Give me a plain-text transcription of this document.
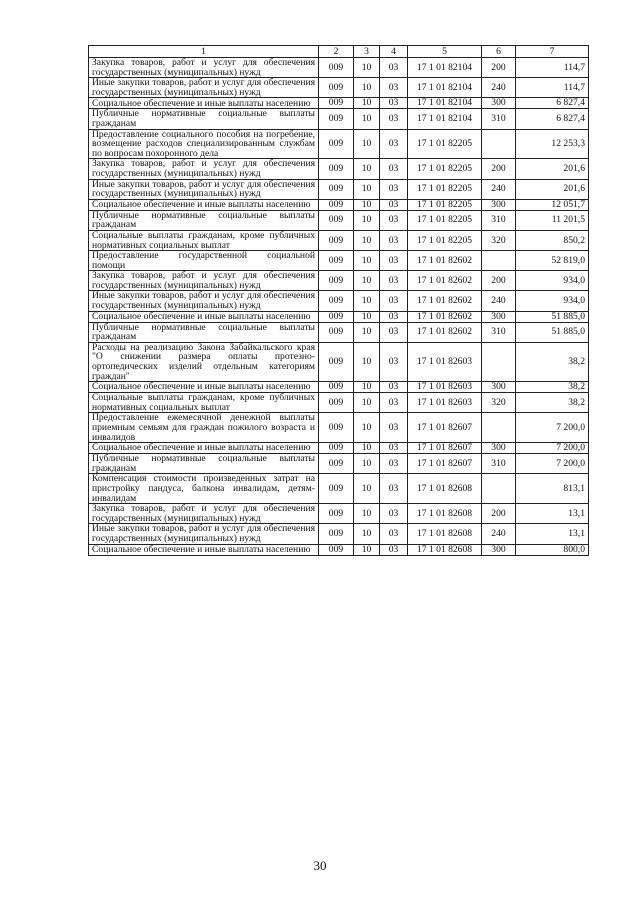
1	2	3	4	5	6	7
Закупка товаров, работ и услуг для обеспечения государственных (муниципальных) нужд	009	10	03	17 1 01 82104	200	114,7
Иные закупки товаров, работ и услуг для обеспечения государственных (муниципальных) нужд	009	10	03	17 1 01 82104	240	114,7
Социальное обеспечение и иные выплаты населению	009	10	03	17 1 01 82104	300	6 827,4
Публичные нормативные социальные выплаты гражданам	009	10	03	17 1 01 82104	310	6 827,4
Предоставление социального пособия на погребение, возмещение расходов специализированным службам по вопросам похоронного дела	009	10	03	17 1 01 82205		12 253,3
Закупка товаров, работ и услуг для обеспечения государственных (муниципальных) нужд	009	10	03	17 1 01 82205	200	201,6
Иные закупки товаров, работ и услуг для обеспечения государственных (муниципальных) нужд	009	10	03	17 1 01 82205	240	201,6
Социальное обеспечение и иные выплаты населению	009	10	03	17 1 01 82205	300	12 051,7
Публичные нормативные социальные выплаты гражданам	009	10	03	17 1 01 82205	310	11 201,5
Социальные выплаты гражданам, кроме публичных нормативных социальных выплат	009	10	03	17 1 01 82205	320	850,2
Предоставление государственной социальной помощи	009	10	03	17 1 01 82602		52 819,0
Закупка товаров, работ и услуг для обеспечения государственных (муниципальных) нужд	009	10	03	17 1 01 82602	200	934,0
Иные закупки товаров, работ и услуг для обеспечения государственных (муниципальных) нужд	009	10	03	17 1 01 82602	240	934,0
Социальное обеспечение и иные выплаты населению	009	10	03	17 1 01 82602	300	51 885,0
Публичные нормативные социальные выплаты гражданам	009	10	03	17 1 01 82602	310	51 885,0
Расходы на реализацию Закона Забайкальского края "О снижении размера оплаты протезно-ортопедических изделий отдельным категориям граждан"	009	10	03	17 1 01 82603		38,2
Социальное обеспечение и иные выплаты населению	009	10	03	17 1 01 82603	300	38,2
Социальные выплаты гражданам, кроме публичных нормативных социальных выплат	009	10	03	17 1 01 82603	320	38,2
Предоставление ежемесячной денежной выплаты приемным семьям для граждан пожилого возраста и инвалидов	009	10	03	17 1 01 82607		7 200,0
Социальное обеспечение и иные выплаты населению	009	10	03	17 1 01 82607	300	7 200,0
Публичные нормативные социальные выплаты гражданам	009	10	03	17 1 01 82607	310	7 200,0
Компенсация стоимости произведенных затрат на пристройку пандуса, балкона инвалидам, детям-инвалидам	009	10	03	17 1 01 82608		813,1
Закупка товаров, работ и услуг для обеспечения государственных (муниципальных) нужд	009	10	03	17 1 01 82608	200	13,1
Иные закупки товаров, работ и услуг для обеспечения государственных (муниципальных) нужд	009	10	03	17 1 01 82608	240	13,1
Социальное обеспечение и иные выплаты населению	009	10	03	17 1 01 82608	300	800,0
30
